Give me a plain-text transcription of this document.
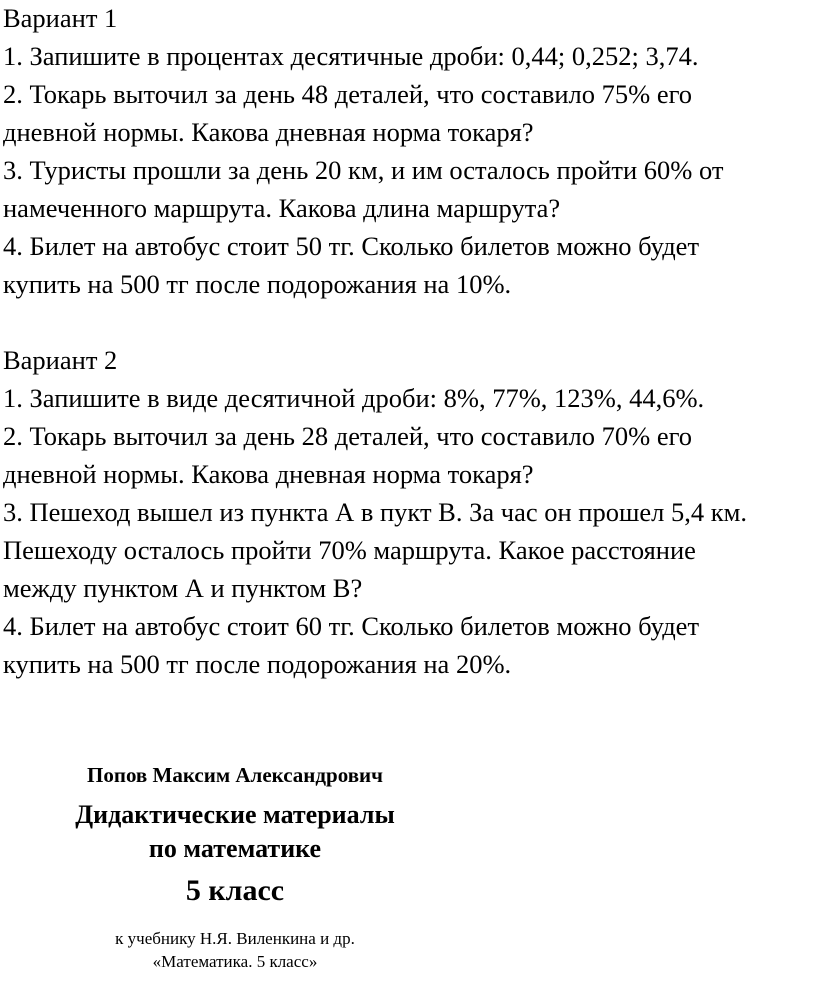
Вариант 1
1. Запишите в процентах десятичные дроби: 0,44; 0,252; 3,74.
2. Токарь выточил за день 48 деталей, что составило 75% его
дневной нормы. Какова дневная норма токаря?
3. Туристы прошли за день 20 км, и им осталось пройти 60% от
намеченного маршрута. Какова длина маршрута?
4. Билет на автобус стоит 50 тг. Сколько билетов можно будет
купить на 500 тг после подорожания на 10%.
Вариант 2
1. Запишите в виде десятичной дроби: 8%, 77%, 123%, 44,6%.
2. Токарь выточил за день 28 деталей, что составило 70% его
дневной нормы. Какова дневная норма токаря?
3. Пешеход вышел из пункта А в пукт В. За час он прошел 5,4 км.
Пешеходу осталось пройти 70% маршрута. Какое расстояние
между пунктом А и пунктом В?
4. Билет на автобус стоит 60 тг. Сколько билетов можно будет
купить на 500 тг после подорожания на 20%.
Попов Максим Александрович
Дидактические материалы
по математике
5 класс
к учебнику Н.Я. Виленкина и др.
«Математика. 5 класс»
